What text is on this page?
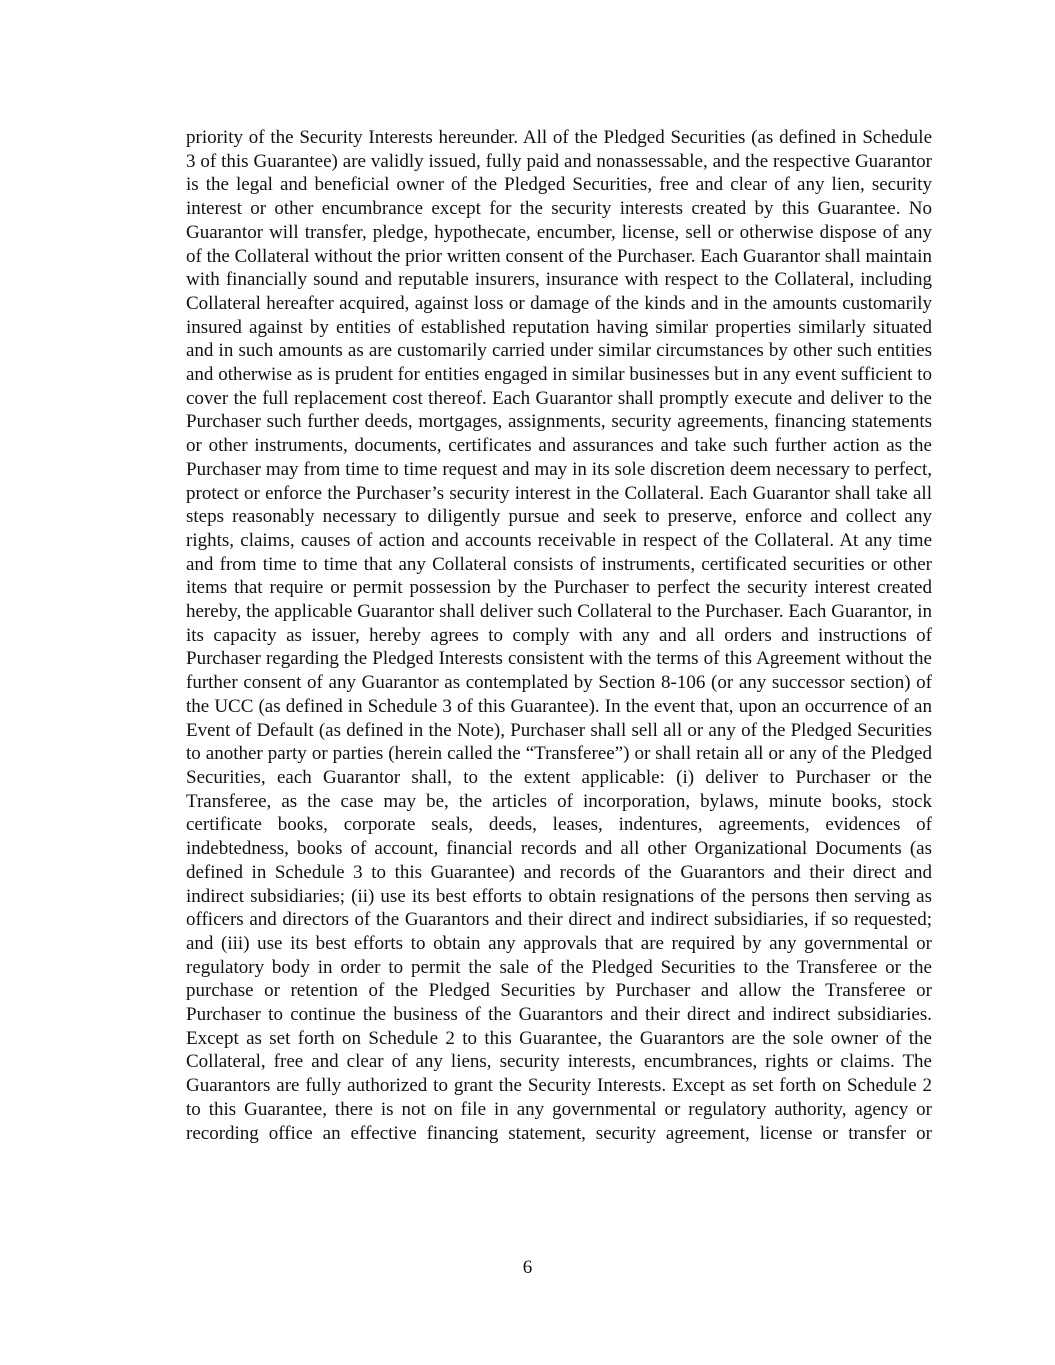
priority of the Security Interests hereunder. All of the Pledged Securities (as defined in Schedule 3 of this Guarantee) are validly issued, fully paid and nonassessable, and the respective Guarantor is the legal and beneficial owner of the Pledged Securities, free and clear of any lien, security interest or other encumbrance except for the security interests created by this Guarantee. No Guarantor will transfer, pledge, hypothecate, encumber, license, sell or otherwise dispose of any of the Collateral without the prior written consent of the Purchaser. Each Guarantor shall maintain with financially sound and reputable insurers, insurance with respect to the Collateral, including Collateral hereafter acquired, against loss or damage of the kinds and in the amounts customarily insured against by entities of established reputation having similar properties similarly situated and in such amounts as are customarily carried under similar circumstances by other such entities and otherwise as is prudent for entities engaged in similar businesses but in any event sufficient to cover the full replacement cost thereof. Each Guarantor shall promptly execute and deliver to the Purchaser such further deeds, mortgages, assignments, security agreements, financing statements or other instruments, documents, certificates and assurances and take such further action as the Purchaser may from time to time request and may in its sole discretion deem necessary to perfect, protect or enforce the Purchaser’s security interest in the Collateral. Each Guarantor shall take all steps reasonably necessary to diligently pursue and seek to preserve, enforce and collect any rights, claims, causes of action and accounts receivable in respect of the Collateral. At any time and from time to time that any Collateral consists of instruments, certificated securities or other items that require or permit possession by the Purchaser to perfect the security interest created hereby, the applicable Guarantor shall deliver such Collateral to the Purchaser. Each Guarantor, in its capacity as issuer, hereby agrees to comply with any and all orders and instructions of Purchaser regarding the Pledged Interests consistent with the terms of this Agreement without the further consent of any Guarantor as contemplated by Section 8-106 (or any successor section) of the UCC (as defined in Schedule 3 of this Guarantee). In the event that, upon an occurrence of an Event of Default (as defined in the Note), Purchaser shall sell all or any of the Pledged Securities to another party or parties (herein called the “Transferee”) or shall retain all or any of the Pledged Securities, each Guarantor shall, to the extent applicable: (i) deliver to Purchaser or the Transferee, as the case may be, the articles of incorporation, bylaws, minute books, stock certificate books, corporate seals, deeds, leases, indentures, agreements, evidences of indebtedness, books of account, financial records and all other Organizational Documents (as defined in Schedule 3 to this Guarantee) and records of the Guarantors and their direct and indirect subsidiaries; (ii) use its best efforts to obtain resignations of the persons then serving as officers and directors of the Guarantors and their direct and indirect subsidiaries, if so requested; and (iii) use its best efforts to obtain any approvals that are required by any governmental or regulatory body in order to permit the sale of the Pledged Securities to the Transferee or the purchase or retention of the Pledged Securities by Purchaser and allow the Transferee or Purchaser to continue the business of the Guarantors and their direct and indirect subsidiaries. Except as set forth on Schedule 2 to this Guarantee, the Guarantors are the sole owner of the Collateral, free and clear of any liens, security interests, encumbrances, rights or claims. The Guarantors are fully authorized to grant the Security Interests. Except as set forth on Schedule 2 to this Guarantee, there is not on file in any governmental or regulatory authority, agency or recording office an effective financing statement, security agreement, license or transfer or

6
